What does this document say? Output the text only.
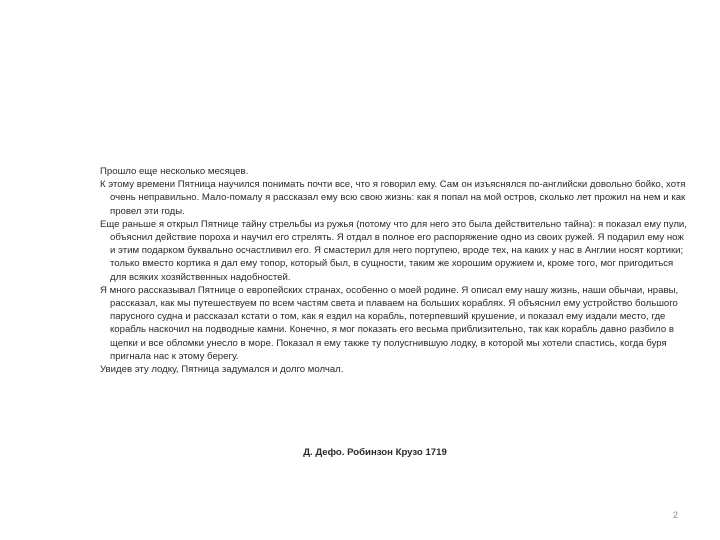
Прошло еще несколько месяцев.

К этому времени Пятница научился понимать почти все, что я говорил ему. Сам он изъяснялся по-английски довольно бойко, хотя очень неправильно. Мало-помалу я рассказал ему всю свою жизнь: как я попал на мой остров, сколько лет прожил на нем и как провел эти годы.

Еще раньше я открыл Пятнице тайну стрельбы из ружья (потому что для него это была действительно тайна): я показал ему пули, объяснил действие пороха и научил его стрелять. Я отдал в полное его распоряжение одно из своих ружей. Я подарил ему нож и этим подарком буквально осчастливил его. Я смастерил для него портупею, вроде тех, на каких у нас в Англии носят кортики; только вместо кортика я дал ему топор, который был, в сущности, таким же хорошим оружием и, кроме того, мог пригодиться для всяких хозяйственных надобностей.

Я много рассказывал Пятнице о европейских странах, особенно о моей родине. Я описал ему нашу жизнь, наши обычаи, нравы, рассказал, как мы путешествуем по всем частям света и плаваем на больших кораблях. Я объяснил ему устройство большого парусного судна и рассказал кстати о том, как я ездил на корабль, потерпевший крушение, и показал ему издали место, где корабль наскочил на подводные камни. Конечно, я мог показать его весьма приблизительно, так как корабль давно разбило в щепки и все обломки унесло в море. Показал я ему также ту полусгнившую лодку, в которой мы хотели спастись, когда буря пригнала нас к этому берегу.

Увидев эту лодку, Пятница задумался и долго молчал.

Д. Дефо. Робинзон Крузо 1719
2
